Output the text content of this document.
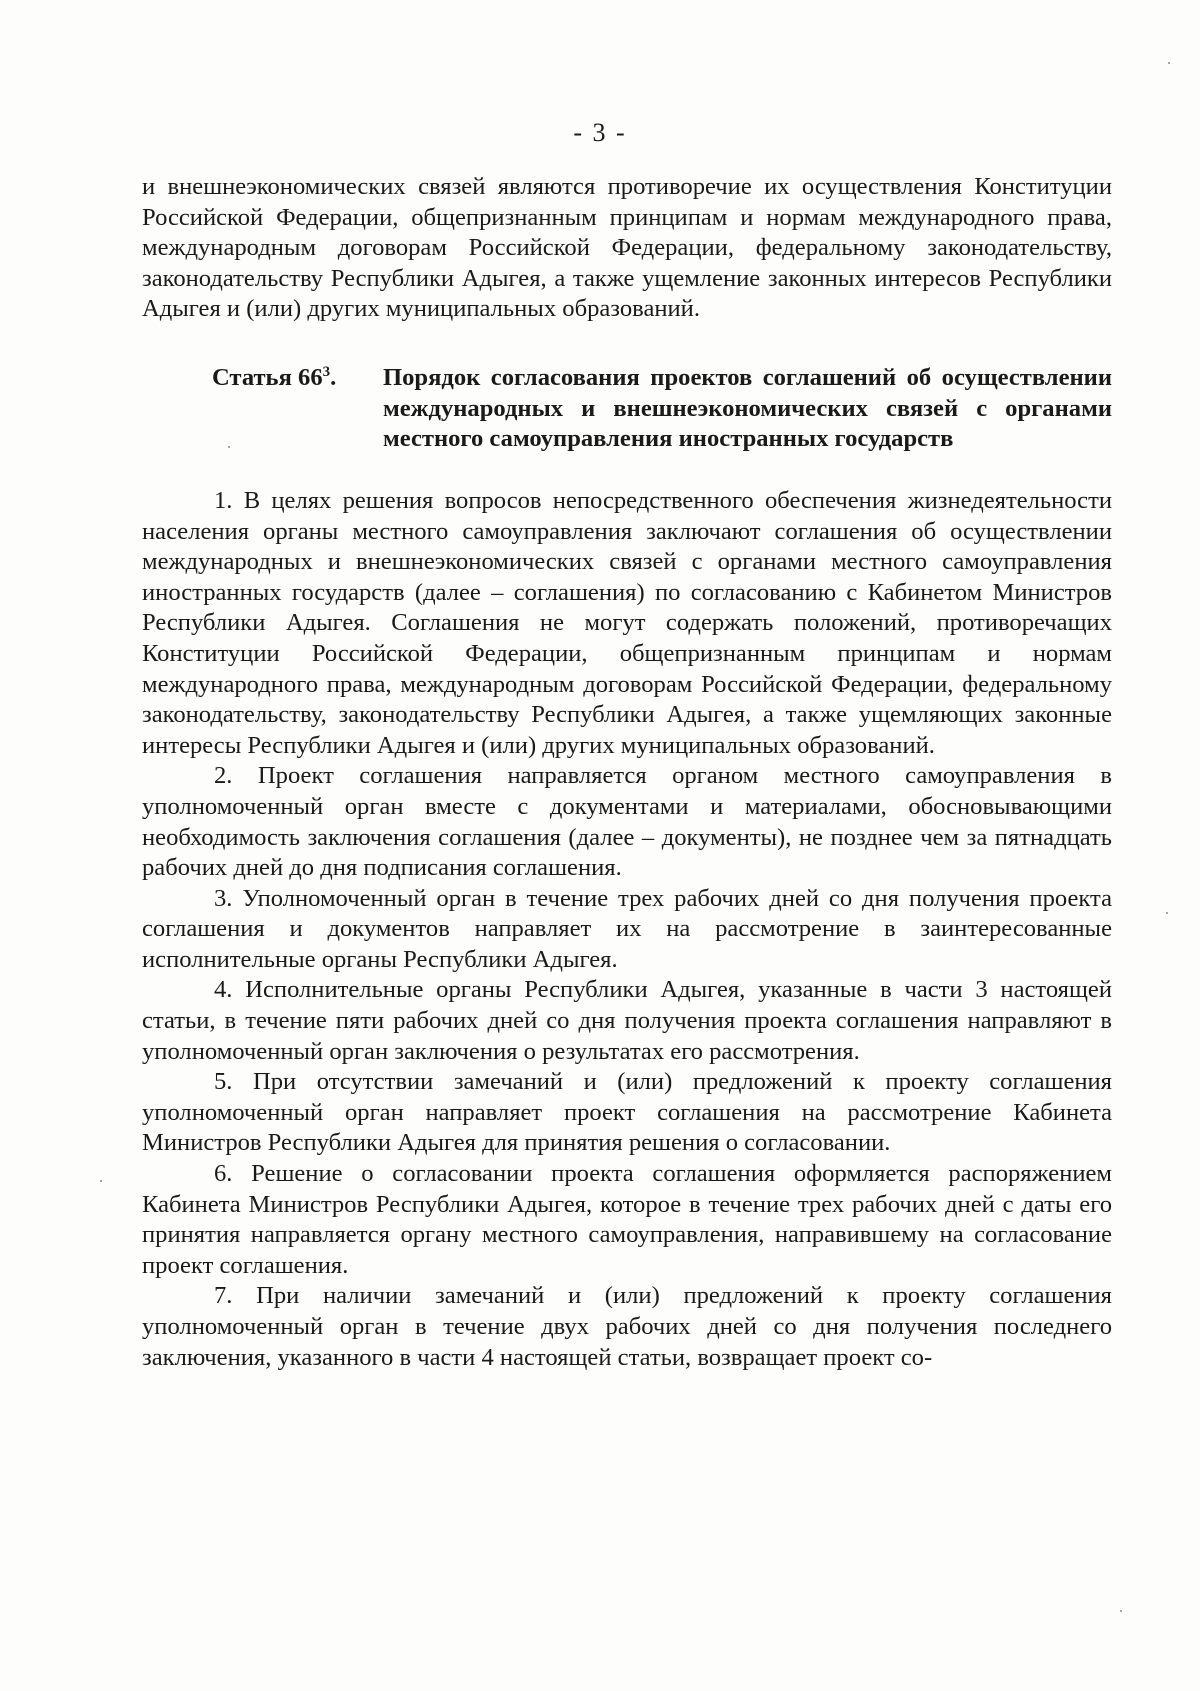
- 3 -

и внешнеэкономических связей являются противоречие их осуществления Конституции Российской Федерации, общепризнанным принципам и нормам международного права, международным договорам Российской Федерации, федеральному законодательству, законодательству Республики Адыгея, а также ущемление законных интересов Республики Адыгея и (или) других муниципальных образований.

Статья $66^3$. Порядок согласования проектов соглашений об осуществлении международных и внешнеэкономических связей с органами местного самоуправления иностранных государств

1. В целях решения вопросов непосредственного обеспечения жизнедеятельности населения органы местного самоуправления заключают соглашения об осуществлении международных и внешнеэкономических связей с органами местного самоуправления иностранных государств (далее – соглашения) по согласованию с Кабинетом Министров Республики Адыгея. Соглашения не могут содержать положений, противоречащих Конституции Российской Федерации, общепризнанным принципам и нормам международного права, международным договорам Российской Федерации, федеральному законодательству, законодательству Республики Адыгея, а также ущемляющих законные интересы Республики Адыгея и (или) других муниципальных образований.

2. Проект соглашения направляется органом местного самоуправления в уполномоченный орган вместе с документами и материалами, обосновывающими необходимость заключения соглашения (далее – документы), не позднее чем за пятнадцать рабочих дней до дня подписания соглашения.

3. Уполномоченный орган в течение трех рабочих дней со дня получения проекта соглашения и документов направляет их на рассмотрение в заинтересованные исполнительные органы Республики Адыгея.

4. Исполнительные органы Республики Адыгея, указанные в части 3 настоящей статьи, в течение пяти рабочих дней со дня получения проекта соглашения направляют в уполномоченный орган заключения о результатах его рассмотрения.

5. При отсутствии замечаний и (или) предложений к проекту соглашения уполномоченный орган направляет проект соглашения на рассмотрение Кабинета Министров Республики Адыгея для принятия решения о согласовании.

6. Решение о согласовании проекта соглашения оформляется распоряжением Кабинета Министров Республики Адыгея, которое в течение трех рабочих дней с даты его принятия направляется органу местного самоуправления, направившему на согласование проект соглашения.

7. При наличии замечаний и (или) предложений к проекту соглашения уполномоченный орган в течение двух рабочих дней со дня получения последнего заключения, указанного в части 4 настоящей статьи, возвращает проект со-
